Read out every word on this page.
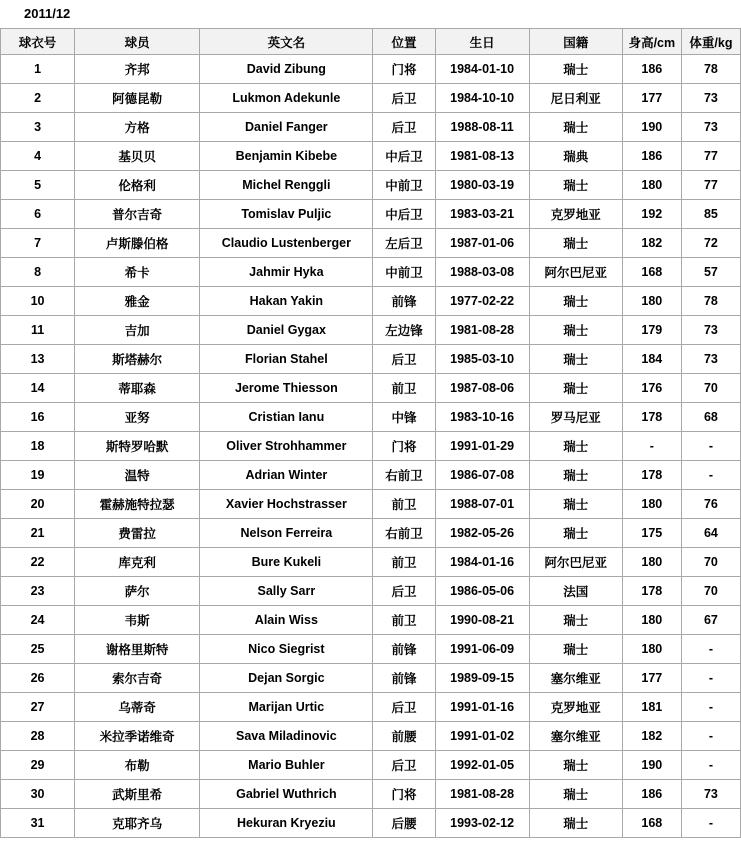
2011/12
球衣号	球员	英文名	位置	生日	国籍	身高/cm	体重/kg
1	齐邦	David Zibung	门将	1984-01-10	瑞士	186	78
2	阿德昆勒	Lukmon Adekunle	后卫	1984-10-10	尼日利亚	177	73
3	方格	Daniel Fanger	后卫	1988-08-11	瑞士	190	73
4	基贝贝	Benjamin Kibebe	中后卫	1981-08-13	瑞典	186	77
5	伦格利	Michel Renggli	中前卫	1980-03-19	瑞士	180	77
6	普尔吉奇	Tomislav Puljic	中后卫	1983-03-21	克罗地亚	192	85
7	卢斯滕伯格	Claudio Lustenberger	左后卫	1987-01-06	瑞士	182	72
8	希卡	Jahmir Hyka	中前卫	1988-03-08	阿尔巴尼亚	168	57
10	雅金	Hakan Yakin	前锋	1977-02-22	瑞士	180	78
11	吉加	Daniel Gygax	左边锋	1981-08-28	瑞士	179	73
13	斯塔赫尔	Florian Stahel	后卫	1985-03-10	瑞士	184	73
14	蒂耶森	Jerome Thiesson	前卫	1987-08-06	瑞士	176	70
16	亚努	Cristian Ianu	中锋	1983-10-16	罗马尼亚	178	68
18	斯特罗哈默	Oliver Strohhammer	门将	1991-01-29	瑞士	-	-
19	温特	Adrian Winter	右前卫	1986-07-08	瑞士	178	-
20	霍赫施特拉瑟	Xavier Hochstrasser	前卫	1988-07-01	瑞士	180	76
21	费雷拉	Nelson Ferreira	右前卫	1982-05-26	瑞士	175	64
22	库克利	Bure Kukeli	前卫	1984-01-16	阿尔巴尼亚	180	70
23	萨尔	Sally Sarr	后卫	1986-05-06	法国	178	70
24	韦斯	Alain Wiss	前卫	1990-08-21	瑞士	180	67
25	谢格里斯特	Nico Siegrist	前锋	1991-06-09	瑞士	180	-
26	索尔吉奇	Dejan Sorgic	前锋	1989-09-15	塞尔维亚	177	-
27	乌蒂奇	Marijan Urtic	后卫	1991-01-16	克罗地亚	181	-
28	米拉季诺维奇	Sava Miladinovic	前腰	1991-01-02	塞尔维亚	182	-
29	布勒	Mario Buhler	后卫	1992-01-05	瑞士	190	-
30	武斯里希	Gabriel Wuthrich	门将	1981-08-28	瑞士	186	73
31	克耶齐乌	Hekuran Kryeziu	后腰	1993-02-12	瑞士	168	-
